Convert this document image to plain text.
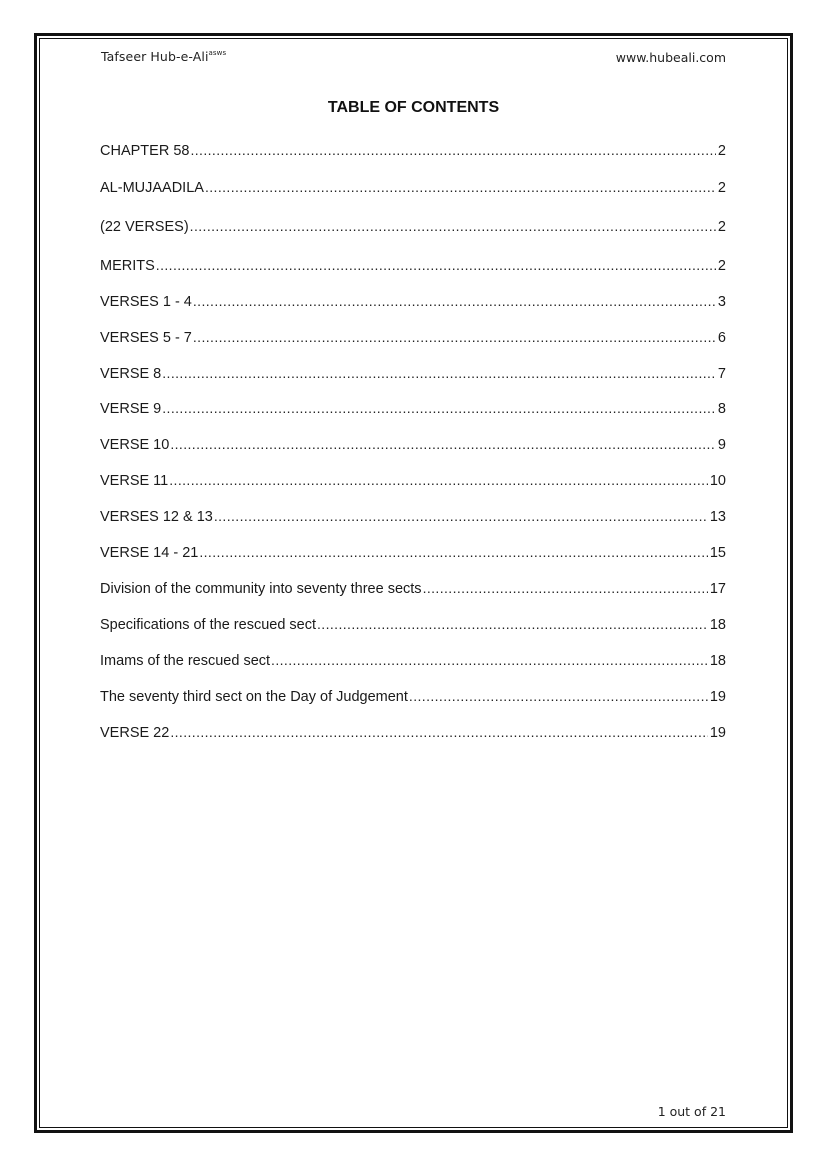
Tafseer Hub-e-Ali$^{asws}$	www.hubeali.com
TABLE OF CONTENTS
CHAPTER 58 .....	2
AL-MUJAADILA .....	2
(22 VERSES) .....	2
MERITS .....	2
VERSES 1 - 4 .....	3
VERSES 5 - 7 .....	6
VERSE 8 .....	7
VERSE 9 .....	8
VERSE 10 .....	9
VERSE 11 .....	10
VERSES 12 & 13 .....	13
VERSE 14 - 21 .....	15
Division of the community into seventy three sects .....	17
Specifications of the rescued sect .....	18
Imams of the rescued sect .....	18
The seventy third sect on the Day of Judgement .....	19
VERSE 22 .....	19
1 out of 21
